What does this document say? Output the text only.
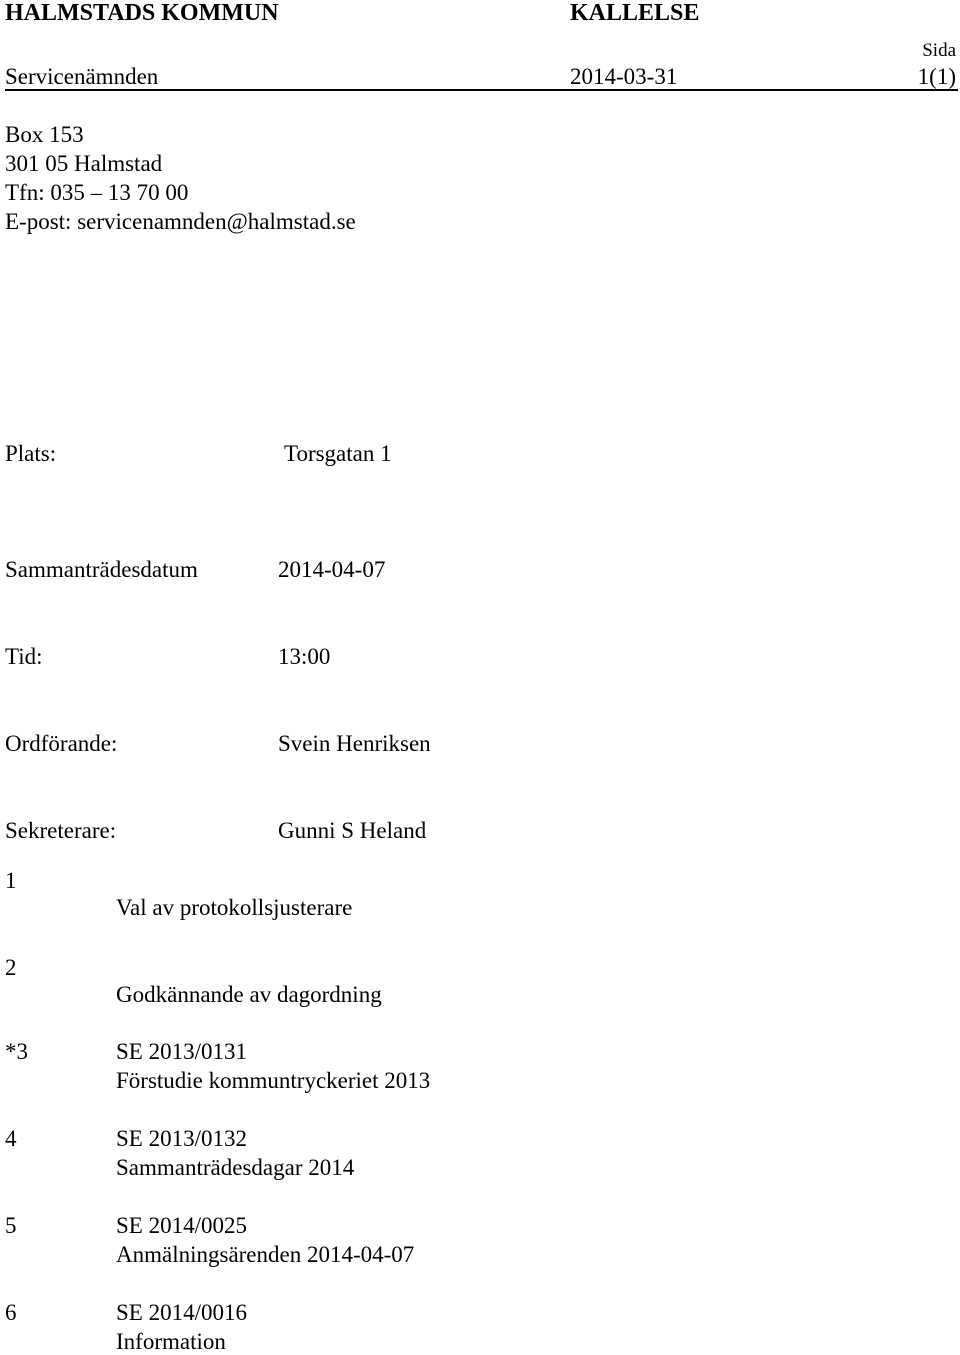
HALMSTADS KOMMUN	KALLELSE
Sida
Servicenämnden	2014-03-31	1(1)
Box 153
301 05 Halmstad
Tfn: 035 – 13 70 00
E-post: servicenamnden@halmstad.se
Plats:	Torsgatan 1
Sammanträdesdatum	2014-04-07
Tid:	13:00
Ordförande:	Svein Henriksen
Sekreterare:	Gunni S Heland
1
Val av protokollsjusterare
2
Godkännande av dagordning
*3	SE 2013/0131
Förstudie kommuntryckeriet 2013
4	SE 2013/0132
Sammanträdesdagar 2014
5	SE 2014/0025
Anmälningsärenden 2014-04-07
6	SE 2014/0016
Information
